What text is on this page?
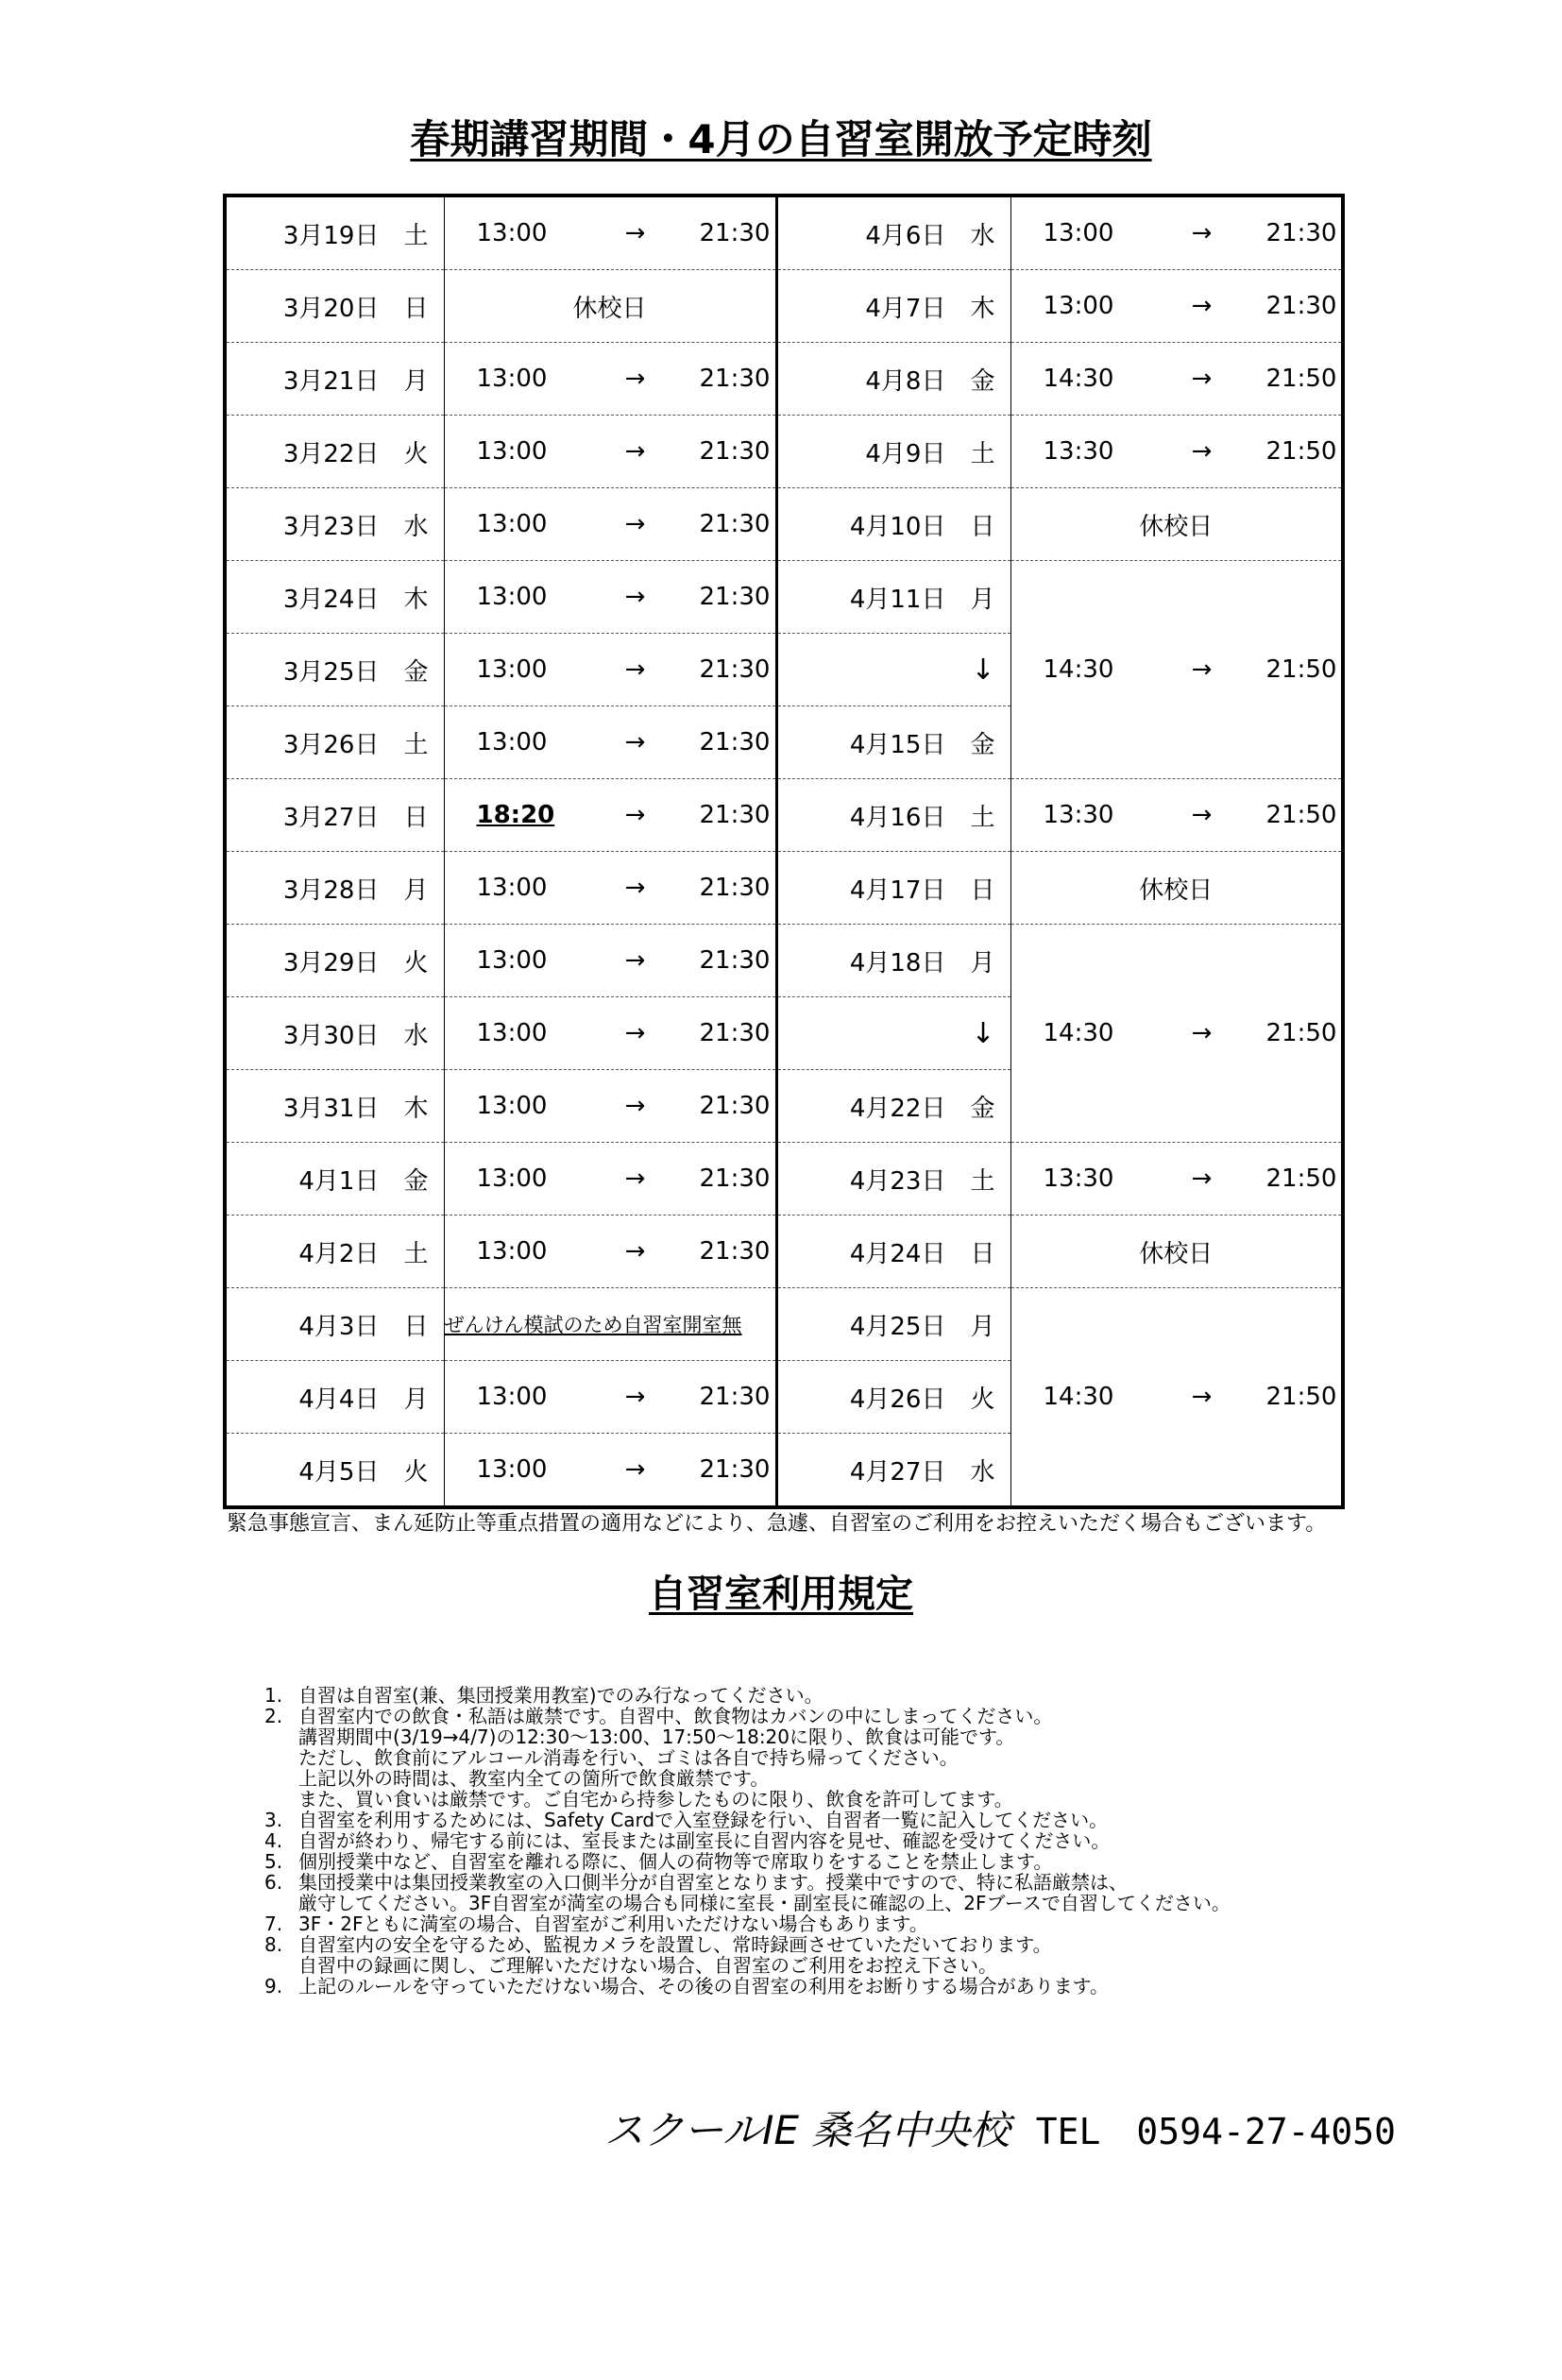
春期講習期間・4月の自習室開放予定時刻
3月19日　 土	13:00 → 21:30	4月6日　 水	13:00 → 21:30

3月20日　 日	休校日	4月7日　 木	13:00 → 21:30

3月21日　 月	13:00 → 21:30	4月8日　 金	14:30 → 21:50

3月22日　 火	13:00 → 21:30	4月9日　 土	13:30 → 21:50

3月23日　 水	13:00 → 21:30	4月10日　 日	休校日
3月24日　 木	13:00 → 21:30	4月11日　 月	14:30 → 21:50

3月25日　 金	13:00 → 21:30	↓	
3月26日　 土	13:00 → 21:30	4月15日　 金	
3月27日　 日	18:20 → 21:30	4月16日　 土	13:30 → 21:50

3月28日　 月	13:00 → 21:30	4月17日　 日	休校日
3月29日　 火	13:00 → 21:30	4月18日　 月	14:30 → 21:50

3月30日　 水	13:00 → 21:30	↓	
3月31日　 木	13:00 → 21:30	4月22日　 金	
4月1日　 金	13:00 → 21:30	4月23日　 土	13:30 → 21:50

4月2日　 土	13:00 → 21:30	4月24日　 日	休校日
4月3日　 日	ぜんけん模試のため自習室開室無	4月25日　 月	14:30 → 21:50

4月4日　 月	13:00 → 21:30	4月26日　 火	
4月5日　 火	13:00 → 21:30	4月27日　 水	
緊急事態宣言、まん延防止等重点措置の適用などにより、急遽、自習室のご利用をお控えいただく場合もございます。
自習室利用規定
1. 自習は自習室(兼、集団授業用教室)でのみ行なってください。
2. 自習室内での飲食・私語は厳禁です。自習中、飲食物はカバンの中にしまってください。
講習期間中(3/19→4/7)の12:30～13:00、17:50～18:20に限り、飲食は可能です。
ただし、飲食前にアルコール消毒を行い、ゴミは各自で持ち帰ってください。
上記以外の時間は、教室内全ての箇所で飲食厳禁です。
また、買い食いは厳禁です。ご自宅から持参したものに限り、飲食を許可してます。
3. 自習室を利用するためには、Safety Cardで入室登録を行い、自習者一覧に記入してください。
4. 自習が終わり、帰宅する前には、室長または副室長に自習内容を見せ、確認を受けてください。
5. 個別授業中など、自習室を離れる際に、個人の荷物等で席取りをすることを禁止します。
6. 集団授業中は集団授業教室の入口側半分が自習室となります。授業中ですので、特に私語厳禁は、
厳守してください。3F自習室が満室の場合も同様に室長・副室長に確認の上、2Fブースで自習してください。
7. 3F・2Fともに満室の場合、自習室がご利用いただけない場合もあります。
8. 自習室内の安全を守るため、監視カメラを設置し、常時録画させていただいております。
自習中の録画に関し、ご理解いただけない場合、自習室のご利用をお控え下さい。
9. 上記のルールを守っていただけない場合、その後の自習室の利用をお断りする場合があります。
スクールIE 桑名中央校 TEL　0594-27-4050
